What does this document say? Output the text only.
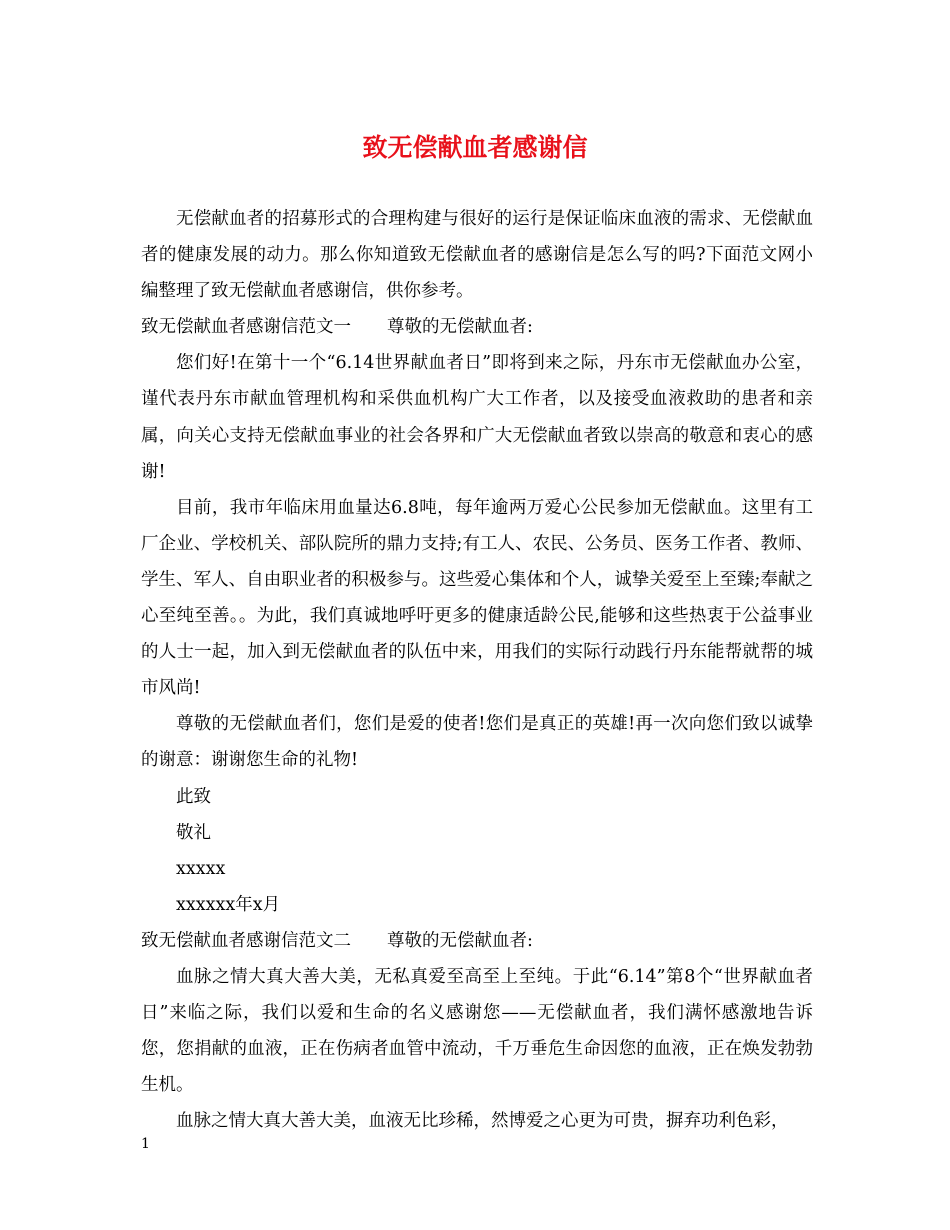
致无偿献血者感谢信

无偿献血者的招募形式的合理构建与很好的运行是保证临床血液的需求、无偿献血者的健康发展的动力。那么你知道致无偿献血者的感谢信是怎么写的吗?下面范文网小编整理了致无偿献血者感谢信，供你参考。

致无偿献血者感谢信范文一 尊敬的无偿献血者:

您们好!在第十一个“6.14世界献血者日”即将到来之际，丹东市无偿献血办公室，谨代表丹东市献血管理机构和采供血机构广大工作者，以及接受血液救助的患者和亲属，向关心支持无偿献血事业的社会各界和广大无偿献血者致以崇高的敬意和衷心的感谢!

目前，我市年临床用血量达6.8吨，每年逾两万爱心公民参加无偿献血。这里有工厂企业、学校机关、部队院所的鼎力支持;有工人、农民、公务员、医务工作者、教师、学生、军人、自由职业者的积极参与。这些爱心集体和个人，诚挚关爱至上至臻;奉献之心至纯至善。。为此，我们真诚地呼吁更多的健康适龄公民,能够和这些热衷于公益事业的人士一起，加入到无偿献血者的队伍中来，用我们的实际行动践行丹东能帮就帮的城市风尚!

尊敬的无偿献血者们，您们是爱的使者!您们是真正的英雄!再一次向您们致以诚挚的谢意：谢谢您生命的礼物!

此致

敬礼

xxxxx

xxxxxx年x月

致无偿献血者感谢信范文二 尊敬的无偿献血者:

血脉之情大真大善大美，无私真爱至高至上至纯。于此“6.14”第8个“世界献血者日”来临之际，我们以爱和生命的名义感谢您——无偿献血者，我们满怀感激地告诉您，您捐献的血液，正在伤病者血管中流动，千万垂危生命因您的血液，正在焕发勃勃生机。

血脉之情大真大善大美，血液无比珍稀，然博爱之心更为可贵，摒弃功利色彩，

1
